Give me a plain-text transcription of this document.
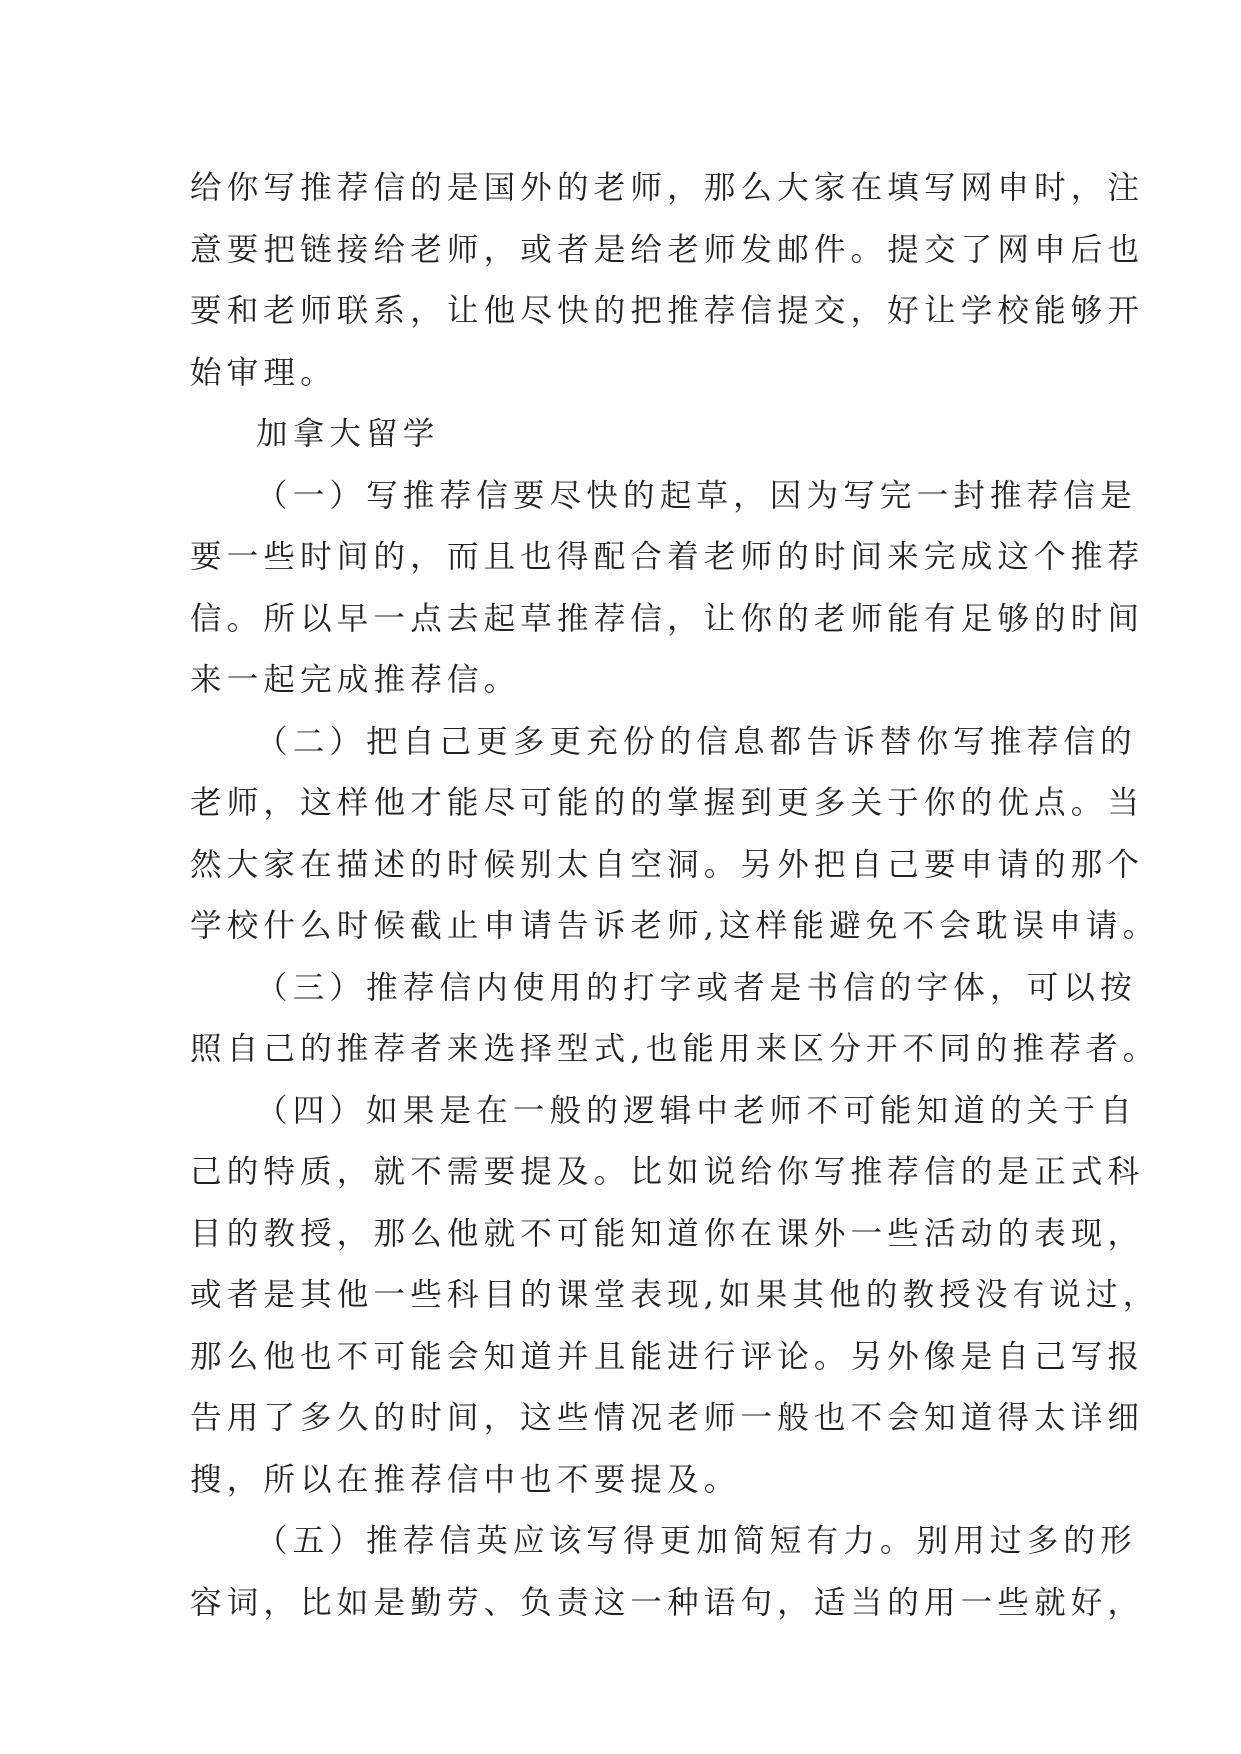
给你写推荐信的是国外的老师，那么大家在填写网申时，注
意要把链接给老师，或者是给老师发邮件。提交了网申后也
要和老师联系，让他尽快的把推荐信提交，好让学校能够开
始审理。
加拿大留学
（一）写推荐信要尽快的起草，因为写完一封推荐信是
要一些时间的，而且也得配合着老师的时间来完成这个推荐
信。所以早一点去起草推荐信，让你的老师能有足够的时间
来一起完成推荐信。
（二）把自己更多更充份的信息都告诉替你写推荐信的
老师，这样他才能尽可能的的掌握到更多关于你的优点。当
然大家在描述的时候别太自空洞。另外把自己要申请的那个
学校什么时候截止申请告诉老师,这样能避免不会耽误申请。
（三）推荐信内使用的打字或者是书信的字体，可以按
照自己的推荐者来选择型式,也能用来区分开不同的推荐者。
（四）如果是在一般的逻辑中老师不可能知道的关于自
己的特质，就不需要提及。比如说给你写推荐信的是正式科
目的教授，那么他就不可能知道你在课外一些活动的表现，
或者是其他一些科目的课堂表现,如果其他的教授没有说过，
那么他也不可能会知道并且能进行评论。另外像是自己写报
告用了多久的时间，这些情况老师一般也不会知道得太详细
搜，所以在推荐信中也不要提及。
（五）推荐信英应该写得更加简短有力。别用过多的形
容词，比如是勤劳、负责这一种语句，适当的用一些就好，
